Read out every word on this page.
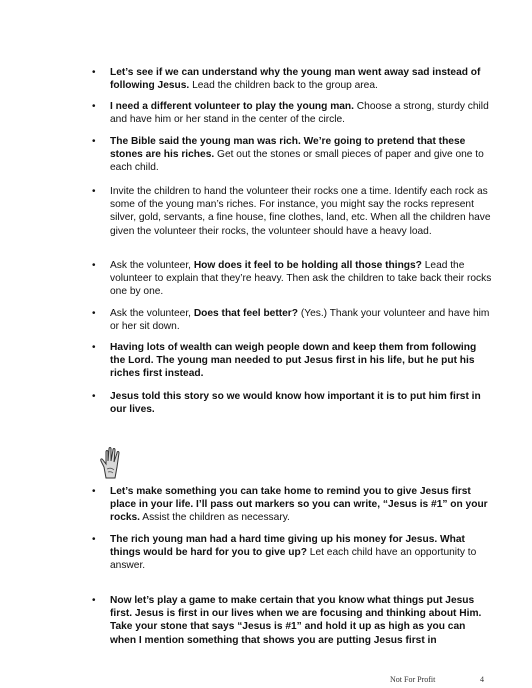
•	Let’s see if we can understand why the young man went away sad instead of following Jesus. Lead the children back to the group area.
•	I need a different volunteer to play the young man. Choose a strong, sturdy child and have him or her stand in the center of the circle.
•	The Bible said the young man was rich. We’re going to pretend that these stones are his riches. Get out the stones or small pieces of paper and give one to each child.
•	Invite the children to hand the volunteer their rocks one a time. Identify each rock as some of the young man’s riches. For instance, you might say the rocks represent silver, gold, servants, a fine house, fine clothes, land, etc. When all the children have given the volunteer their rocks, the volunteer should have a heavy load.
•	Ask the volunteer, How does it feel to be holding all those things? Lead the volunteer to explain that they’re heavy. Then ask the children to take back their rocks one by one.
•	Ask the volunteer, Does that feel better? (Yes.) Thank your volunteer and have him or her sit down.
•	Having lots of wealth can weigh people down and keep them from following the Lord. The young man needed to put Jesus first in his life, but he put his riches first instead.
•	Jesus told this story so we would know how important it is to put him first in our lives.
•	Let’s make something you can take home to remind you to give Jesus first place in your life. I’ll pass out markers so you can write, “Jesus is #1” on your rocks. Assist the children as necessary.
•	The rich young man had a hard time giving up his money for Jesus. What things would be hard for you to give up? Let each child have an opportunity to answer.
•	Now let’s play a game to make certain that you know what things put Jesus first. Jesus is first in our lives when we are focusing and thinking about Him. Take your stone that says “Jesus is #1” and hold it up as high as you can when I mention something that shows you are putting Jesus first in
Not For Profit	4
